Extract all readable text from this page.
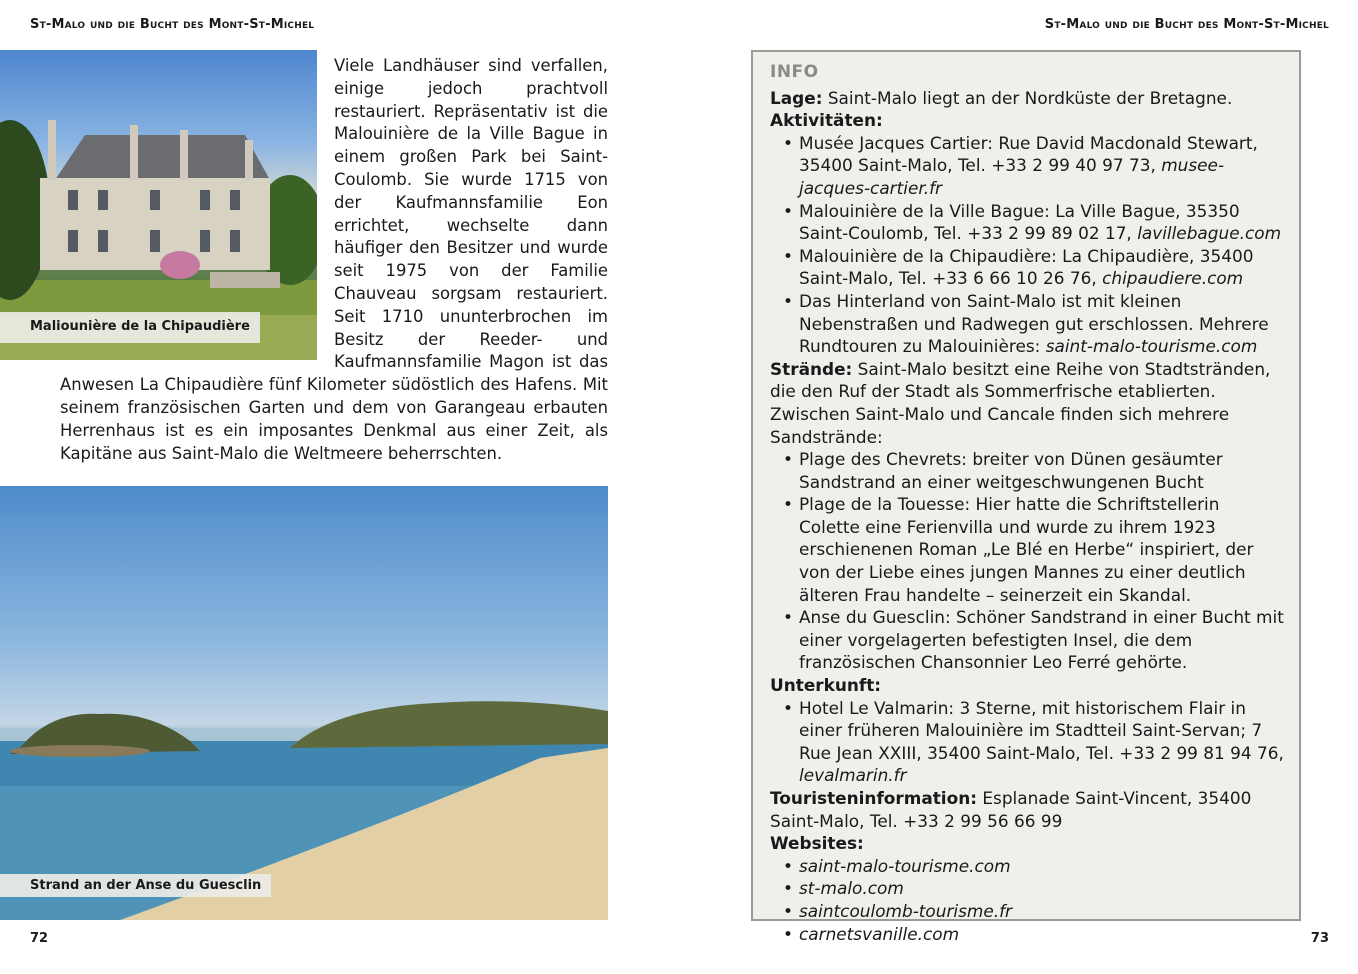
St-Malo und die Bucht des Mont-St-Michel	St-Malo und die Bucht des Mont-St-Michel
Maliounière de la Chipaudière
Viele Landhäuser sind verfallen, einige jedoch prachtvoll restauriert. Repräsentativ ist die Malouinière de la Ville Bague in einem großen Park bei Saint-Coulomb. Sie wurde 1715 von der Kaufmannsfamilie Eon errichtet, wechselte dann häufiger den Besitzer und wurde seit 1975 von der Familie Chauveau sorgsam restauriert. Seit 1710 ununterbrochen im Besitz der Reeder- und Kaufmannsfamilie Magon ist das Anwesen La Chipaudière fünf Kilometer südöstlich des Hafens. Mit seinem französischen Garten und dem von Garangeau erbauten Herrenhaus ist es ein imposantes Denkmal aus einer Zeit, als Kapitäne aus Saint-Malo die Weltmeere beherrschten.
Strand an der Anse du Guesclin
72	73
INFO
Lage: Saint-Malo liegt an der Nordküste der Bretagne.
Aktivitäten:
• Musée Jacques Cartier: Rue David Macdonald Stewart, 35400 Saint-Malo, Tel. +33 2 99 40 97 73, musee-jacques-cartier.fr
• Malouinière de la Ville Bague: La Ville Bague, 35350 Saint-Coulomb, Tel. +33 2 99 89 02 17, lavillebague.com
• Malouinière de la Chipaudière: La Chipaudière, 35400 Saint-Malo, Tel. +33 6 66 10 26 76, chipaudiere.com
• Das Hinterland von Saint-Malo ist mit kleinen Nebenstraßen und Radwegen gut erschlossen. Mehrere Rundtouren zu Malouinières: saint-malo-tourisme.com
Strände: Saint-Malo besitzt eine Reihe von Stadtstränden, die den Ruf der Stadt als Sommerfrische etablierten. Zwischen Saint-Malo und Cancale finden sich mehrere Sandstrände:
• Plage des Chevrets: breiter von Dünen gesäumter Sandstrand an einer weitgeschwungenen Bucht
• Plage de la Touesse: Hier hatte die Schriftstellerin Colette eine Ferienvilla und wurde zu ihrem 1923 erschienenen Roman „Le Blé en Herbe“ inspiriert, der von der Liebe eines jungen Mannes zu einer deutlich älteren Frau handelte – seinerzeit ein Skandal.
• Anse du Guesclin: Schöner Sandstrand in einer Bucht mit einer vorgelagerten befestigten Insel, die dem französischen Chansonnier Leo Ferré gehörte.
Unterkunft:
• Hotel Le Valmarin: 3 Sterne, mit historischem Flair in einer früheren Malouinière im Stadtteil Saint-Servan; 7 Rue Jean XXIII, 35400 Saint-Malo, Tel. +33 2 99 81 94 76, levalmarin.fr
Touristeninformation: Esplanade Saint-Vincent, 35400 Saint-Malo, Tel. +33 2 99 56 66 99
Websites:
• saint-malo-tourisme.com
• st-malo.com
• saintcoulomb-tourisme.fr
• carnetsvanille.com
